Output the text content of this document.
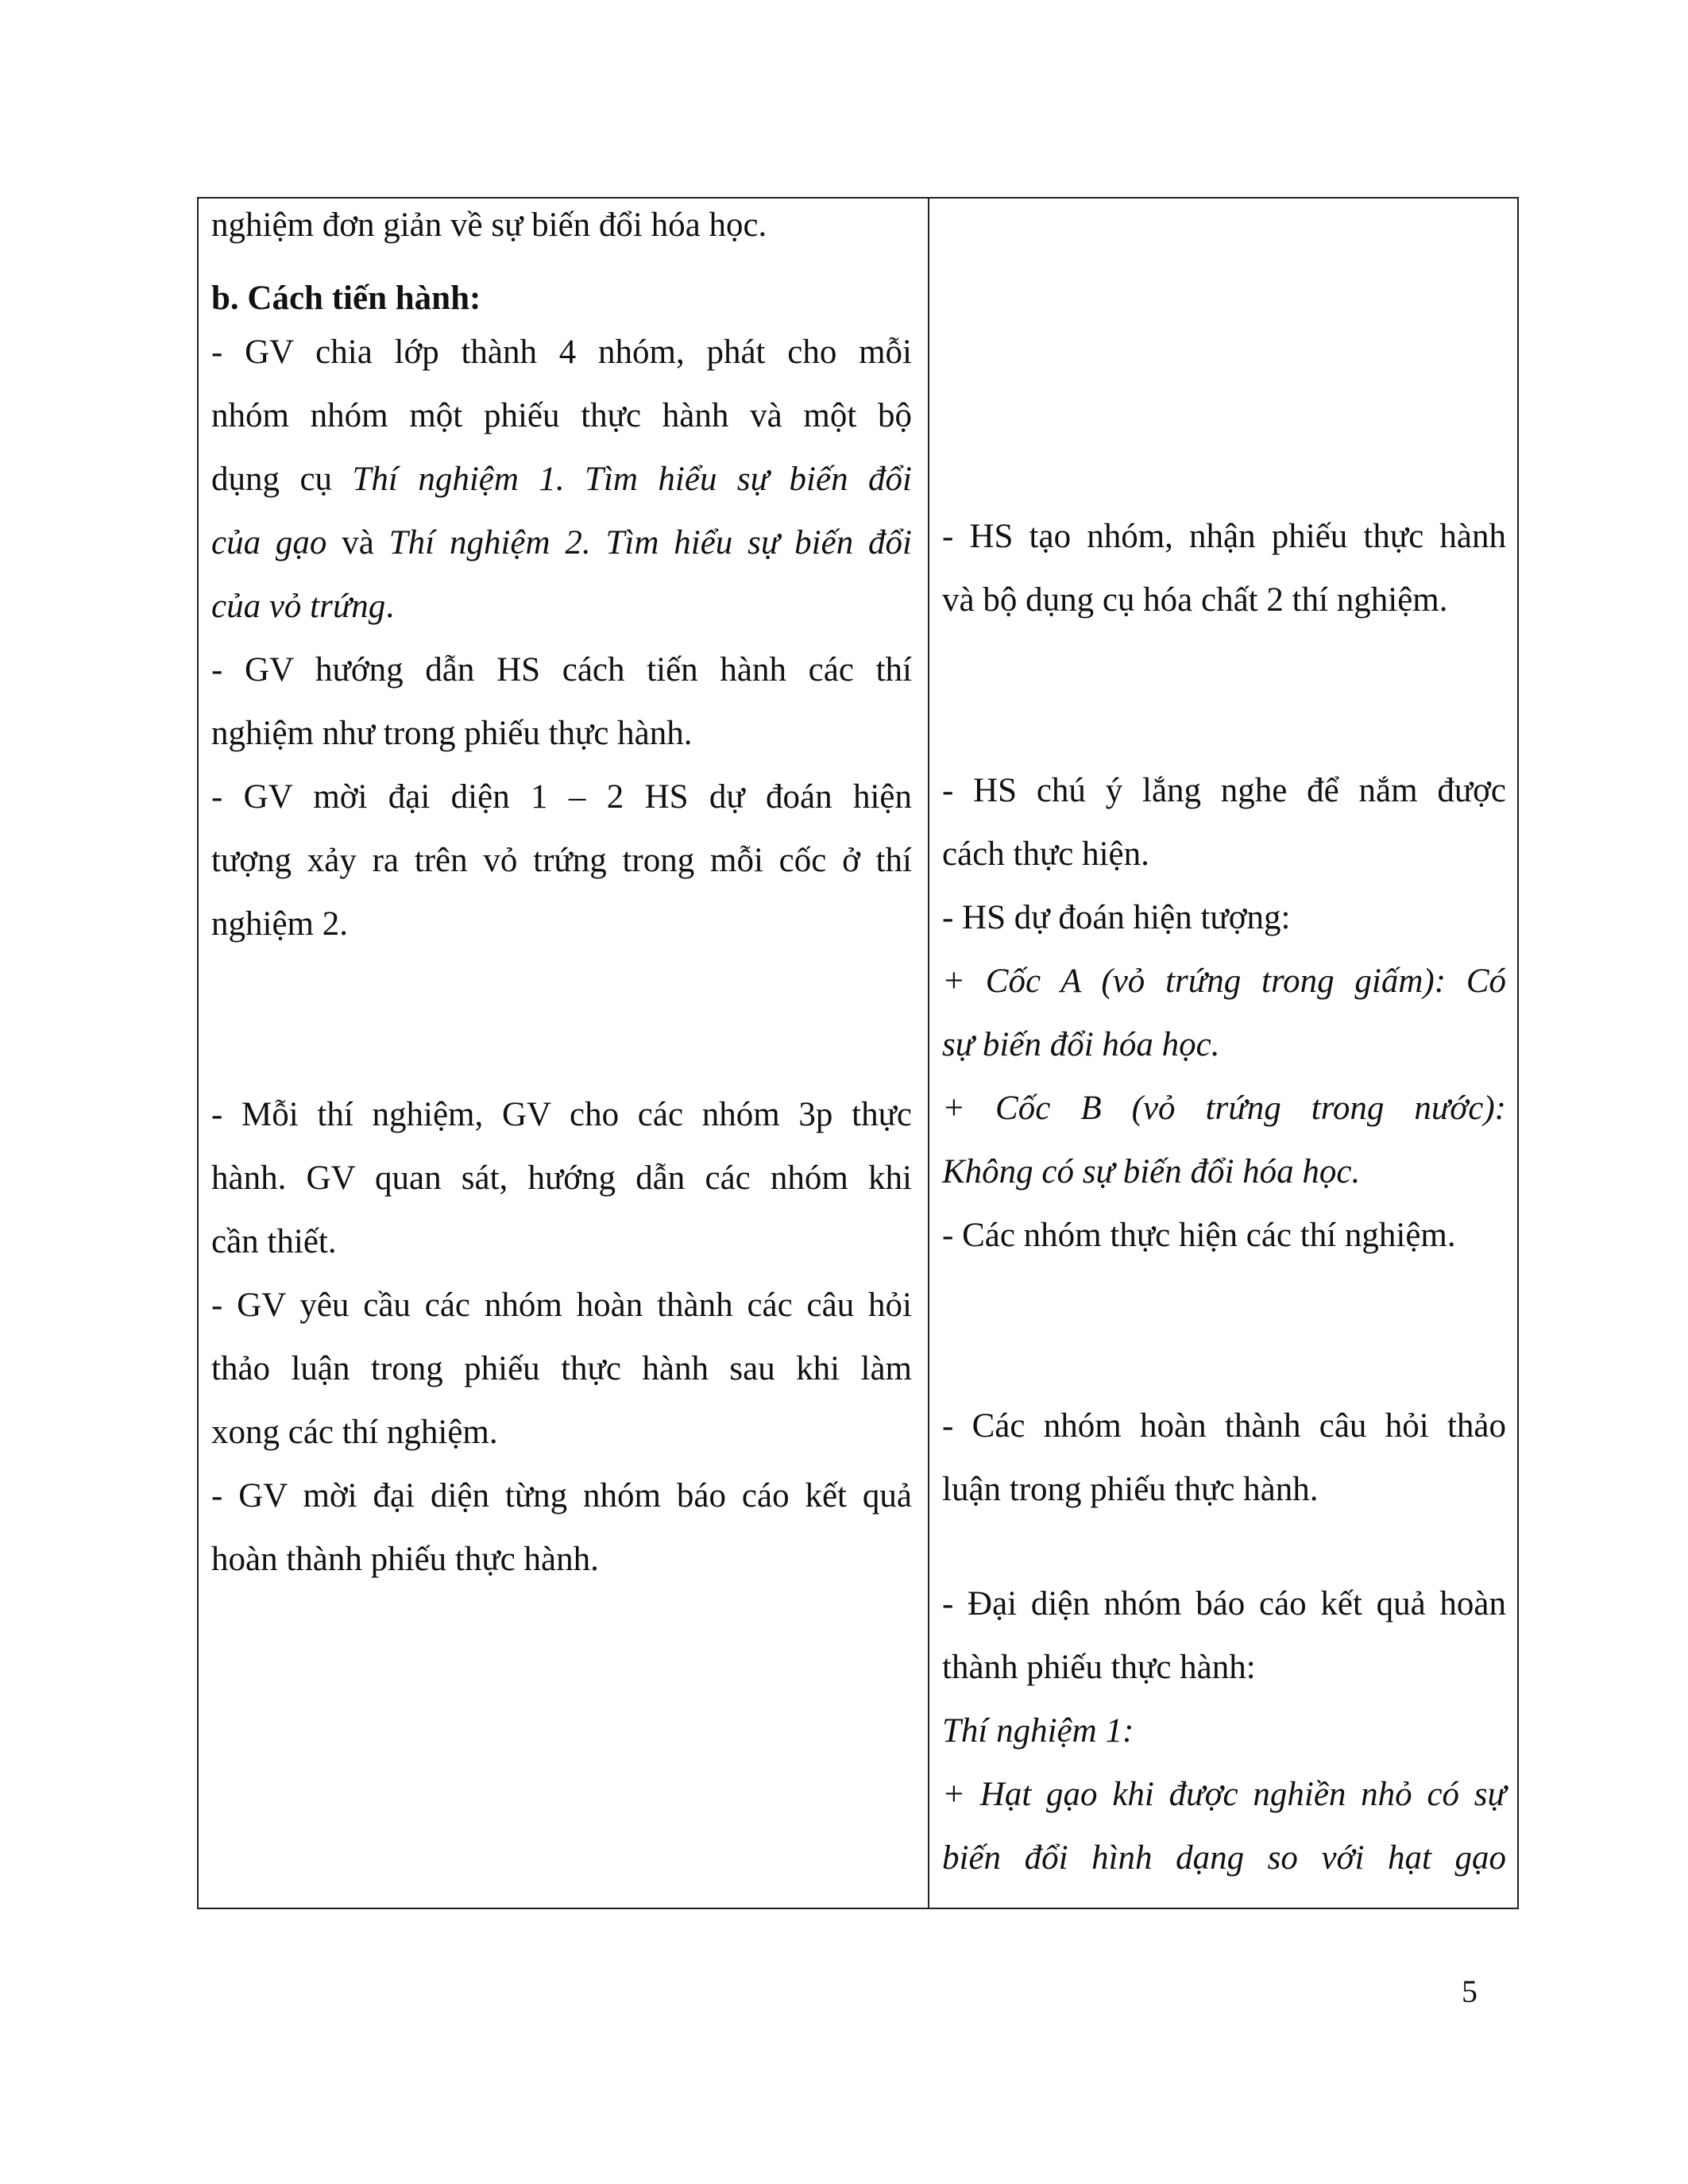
nghiệm đơn giản về sự biến đổi hóa học.
b. Cách tiến hành:
- GV chia lớp thành 4 nhóm, phát cho mỗi
nhóm nhóm một phiếu thực hành và một bộ
dụng cụ Thí nghiệm 1. Tìm hiểu sự biến đổi
của gạo và Thí nghiệm 2. Tìm hiểu sự biến đổi
của vỏ trứng.
- GV hướng dẫn HS cách tiến hành các thí
nghiệm như trong phiếu thực hành.
- GV mời đại diện 1 – 2 HS dự đoán hiện
tượng xảy ra trên vỏ trứng trong mỗi cốc ở thí
nghiệm 2.
- Mỗi thí nghiệm, GV cho các nhóm 3p thực
hành. GV quan sát, hướng dẫn các nhóm khi
cần thiết.
- GV yêu cầu các nhóm hoàn thành các câu hỏi
thảo luận trong phiếu thực hành sau khi làm
xong các thí nghiệm.
- GV mời đại diện từng nhóm báo cáo kết quả
hoàn thành phiếu thực hành.
- HS tạo nhóm, nhận phiếu thực hành
và bộ dụng cụ hóa chất 2 thí nghiệm.
- HS chú ý lắng nghe để nắm được
cách thực hiện.
- HS dự đoán hiện tượng:
+ Cốc A (vỏ trứng trong giấm): Có
sự biến đổi hóa học.
+ Cốc B (vỏ trứng trong nước):
Không có sự biến đổi hóa học.
- Các nhóm thực hiện các thí nghiệm.
- Các nhóm hoàn thành câu hỏi thảo
luận trong phiếu thực hành.
- Đại diện nhóm báo cáo kết quả hoàn
thành phiếu thực hành:
Thí nghiệm 1:
+ Hạt gạo khi được nghiền nhỏ có sự
biến đổi hình dạng so với hạt gạo
5
